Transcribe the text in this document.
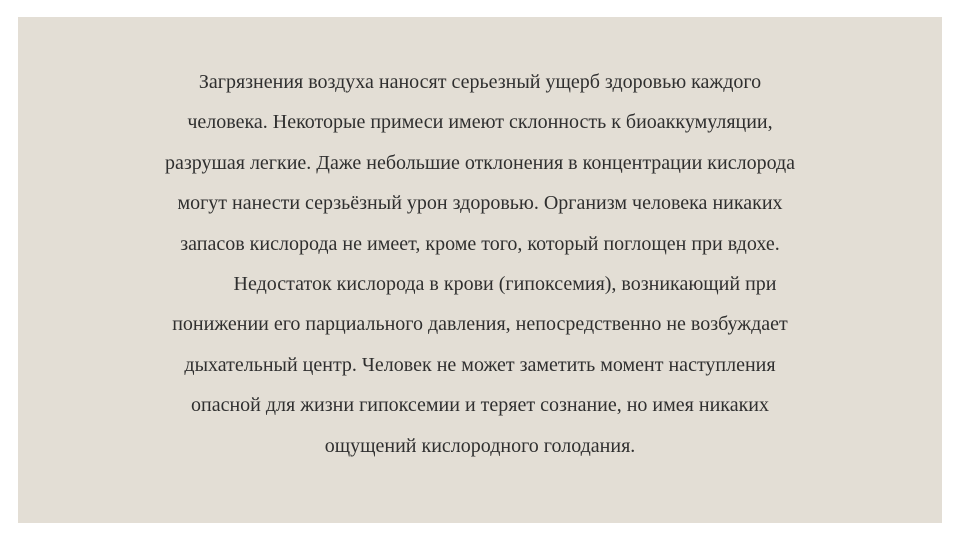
Загрязнения воздуха наносят серьезный ущерб здоровью каждого
человека. Некоторые примеси имеют склонность к биоаккумуляции,
разрушая легкие. Даже небольшие отклонения в концентрации кислорода
могут нанести серзьёзный урон здоровью. Организм человека никаких
запасов кислорода не имеет, кроме того, который поглощен при вдохе.
Недостаток кислорода в крови (гипоксемия), возникающий при
понижении его парциального давления, непосредственно не возбуждает
дыхательный центр. Человек не может заметить момент наступления
опасной для жизни гипоксемии и теряет сознание, но имея никаких
ощущений кислородного голодания.
